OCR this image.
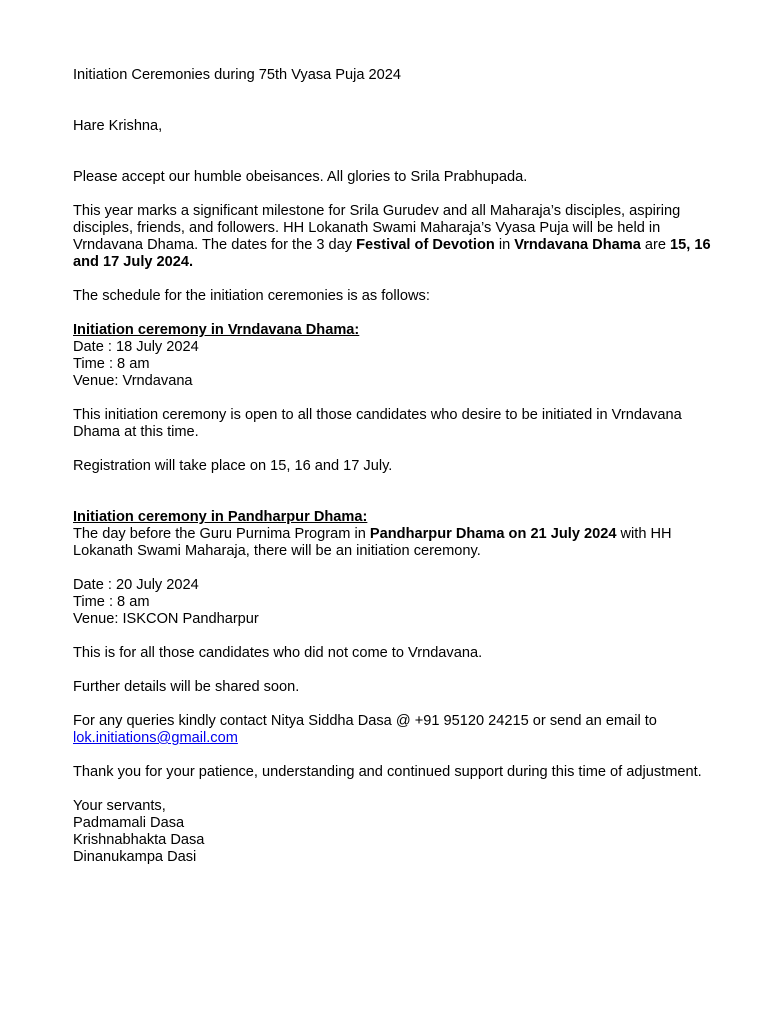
Initiation Ceremonies during 75th Vyasa Puja 2024

Hare Krishna,

Please accept our humble obeisances. All glories to Srila Prabhupada.

This year marks a significant milestone for Srila Gurudev and all Maharaja’s disciples, aspiring disciples, friends, and followers. HH Lokanath Swami Maharaja’s Vyasa Puja will be held in Vrndavana Dhama. The dates for the 3 day Festival of Devotion in Vrndavana Dhama are 15, 16 and 17 July 2024.

The schedule for the initiation ceremonies is as follows:

Initiation ceremony in Vrndavana Dhama:

Date : 18 July 2024

Time : 8 am

Venue: Vrndavana

This initiation ceremony is open to all those candidates who desire to be initiated in Vrndavana Dhama at this time.

Registration will take place on 15, 16 and 17 July.

Initiation ceremony in Pandharpur Dhama:

The day before the Guru Purnima Program in Pandharpur Dhama on 21 July 2024 with HH Lokanath Swami Maharaja, there will be an initiation ceremony.

Date : 20 July 2024

Time : 8 am

Venue: ISKCON Pandharpur

This is for all those candidates who did not come to Vrndavana.

Further details will be shared soon.

For any queries kindly contact Nitya Siddha Dasa @ +91 95120 24215 or send an email to

lok.initiations@gmail.com

Thank you for your patience, understanding and continued support during this time of adjustment.

Your servants,

Padmamali Dasa

Krishnabhakta Dasa

Dinanukampa Dasi
